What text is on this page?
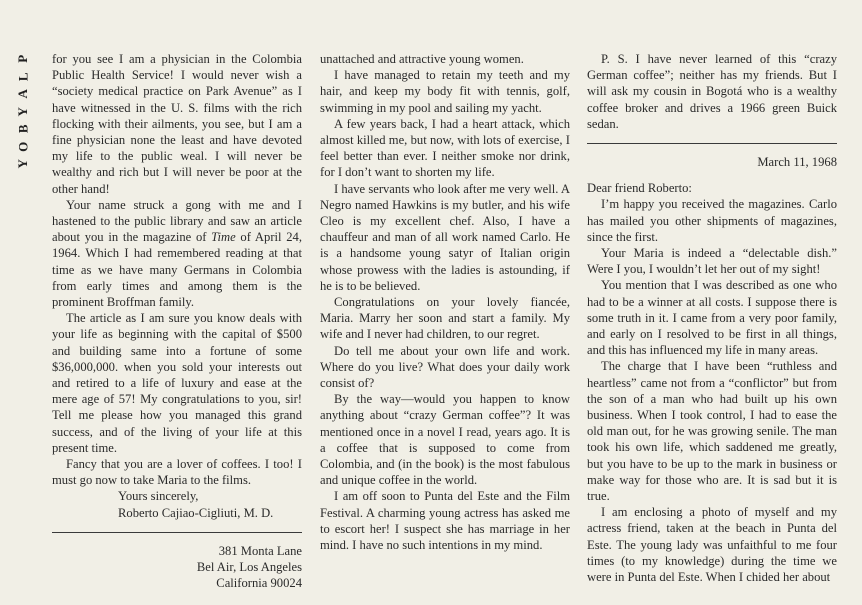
P
L
A
Y
B
O
Y

for you see I am a physician in the Colombia Public Health Service! I would never wish a “society medical practice on Park Avenue” as I have witnessed in the U. S. films with the rich flocking with their ailments, you see, but I am a fine physician none the least and have devoted my life to the public weal. I will never be wealthy and rich but I will never be poor at the other hand!

Your name struck a gong with me and I hastened to the public library and saw an article about you in the magazine of Time of April 24, 1964. Which I had remembered reading at that time as we have many Germans in Colombia from early times and among them is the prominent Broffman family.

The article as I am sure you know deals with your life as beginning with the capital of $500 and building same into a fortune of some $36,000,000. when you sold your interests out and retired to a life of luxury and ease at the mere age of 57! My congratulations to you, sir! Tell me please how you managed this grand success, and of the living of your life at this present time.

Fancy that you are a lover of coffees. I too! I must go now to take Maria to the films.

Yours sincerely,

Roberto Cajiao-Cigliuti, M. D.

381 Monta Lane

Bel Air, Los Angeles

California 90024

unattached and attractive young women.

I have managed to retain my teeth and my hair, and keep my body fit with tennis, golf, swimming in my pool and sailing my yacht.

A few years back, I had a heart attack, which almost killed me, but now, with lots of exercise, I feel better than ever. I neither smoke nor drink, for I don’t want to shorten my life.

I have servants who look after me very well. A Negro named Hawkins is my butler, and his wife Cleo is my excellent chef. Also, I have a chauffeur and man of all work named Carlo. He is a handsome young satyr of Italian origin whose prowess with the ladies is astounding, if he is to be believed.

Congratulations on your lovely fiancée, Maria. Marry her soon and start a family. My wife and I never had children, to our regret.

Do tell me about your own life and work. Where do you live? What does your daily work consist of?

By the way—would you happen to know anything about “crazy German coffee”? It was mentioned once in a novel I read, years ago. It is a coffee that is supposed to come from Colombia, and (in the book) is the most fabulous and unique coffee in the world.

I am off soon to Punta del Este and the Film Festival. A charming young actress has asked me to escort her! I suspect she has marriage in her mind. I have no such intentions in my mind.

P. S. I have never learned of this “crazy German coffee”; neither has my friends. But I will ask my cousin in Bogotá who is a wealthy coffee broker and drives a 1966 green Buick sedan.

March 11, 1968

Dear friend Roberto:

I’m happy you received the magazines. Carlo has mailed you other shipments of magazines, since the first.

Your Maria is indeed a “delectable dish.” Were I you, I wouldn’t let her out of my sight!

You mention that I was described as one who had to be a winner at all costs. I suppose there is some truth in it. I came from a very poor family, and early on I resolved to be first in all things, and this has influenced my life in many areas.

The charge that I have been “ruthless and heartless” came not from a “conflictor” but from the son of a man who had built up his own business. When I took control, I had to ease the old man out, for he was growing senile. The man took his own life, which saddened me greatly, but you have to be up to the mark in business or make way for those who are. It is sad but it is true.

I am enclosing a photo of myself and my actress friend, taken at the beach in Punta del Este. The young lady was unfaithful to me four times (to my knowledge) during the time we were in Punta del Este. When I chided her about
